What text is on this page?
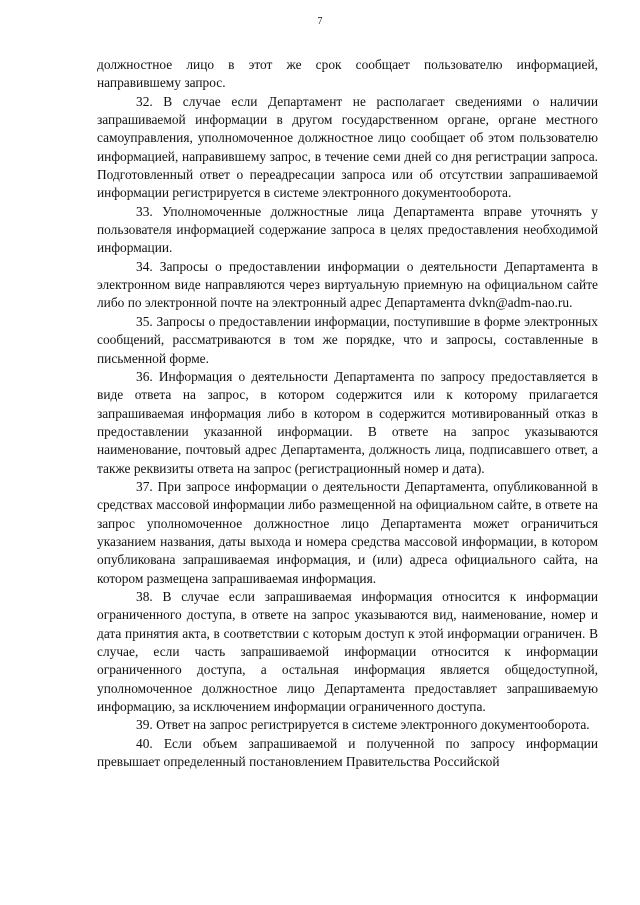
7

должностное лицо в этот же срок сообщает пользователю информацией, направившему запрос.

32. В случае если Департамент не располагает сведениями о наличии запрашиваемой информации в другом государственном органе, органе местного самоуправления, уполномоченное должностное лицо сообщает об этом пользователю информацией, направившему запрос, в течение семи дней со дня регистрации запроса. Подготовленный ответ о переадресации запроса или об отсутствии запрашиваемой информации регистрируется в системе электронного документооборота.

33. Уполномоченные должностные лица Департамента вправе уточнять у пользователя информацией содержание запроса в целях предоставления необходимой информации.

34. Запросы о предоставлении информации о деятельности Департамента в электронном виде направляются через виртуальную приемную на официальном сайте либо по электронной почте на электронный адрес Департамента dvkn@adm-nao.ru.

35. Запросы о предоставлении информации, поступившие в форме электронных сообщений, рассматриваются в том же порядке, что и запросы, составленные в письменной форме.

36. Информация о деятельности Департамента по запросу предоставляется в виде ответа на запрос, в котором содержится или к которому прилагается запрашиваемая информация либо в котором в содержится мотивированный отказ в предоставлении указанной информации. В ответе на запрос указываются наименование, почтовый адрес Департамента, должность лица, подписавшего ответ, а также реквизиты ответа на запрос (регистрационный номер и дата).

37. При запросе информации о деятельности Департамента, опубликованной в средствах массовой информации либо размещенной на официальном сайте, в ответе на запрос уполномоченное должностное лицо Департамента может ограничиться указанием названия, даты выхода и номера средства массовой информации, в котором опубликована запрашиваемая информация, и (или) адреса официального сайта, на котором размещена запрашиваемая информация.

38. В случае если запрашиваемая информация относится к информации ограниченного доступа, в ответе на запрос указываются вид, наименование, номер и дата принятия акта, в соответствии с которым доступ к этой информации ограничен. В случае, если часть запрашиваемой информации относится к информации ограниченного доступа, а остальная информация является общедоступной, уполномоченное должностное лицо Департамента предоставляет запрашиваемую информацию, за исключением информации ограниченного доступа.

39. Ответ на запрос регистрируется в системе электронного документооборота.

40. Если объем запрашиваемой и полученной по запросу информации превышает определенный постановлением Правительства Российской
